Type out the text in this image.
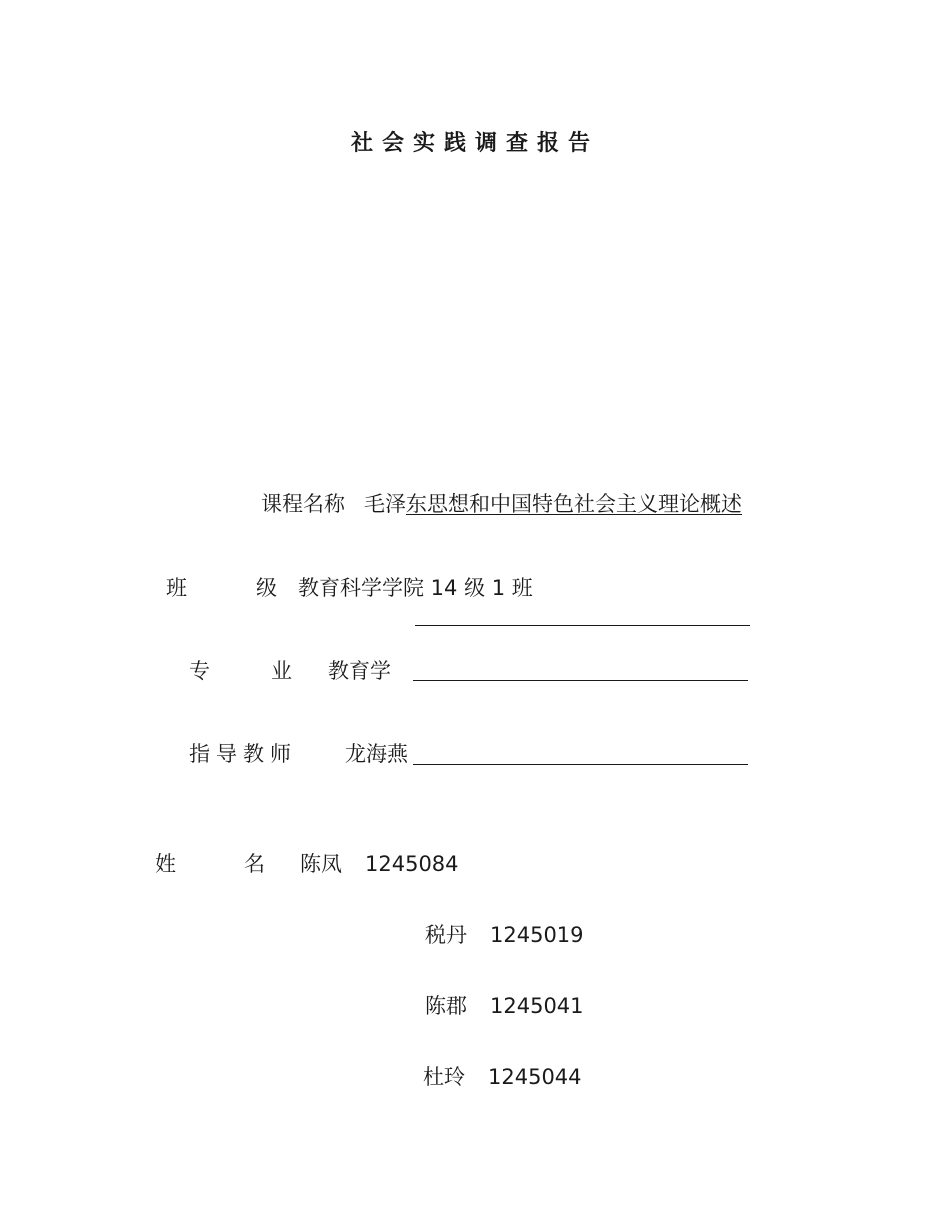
社会实践调查报告
课程名称 毛泽东思想和中国特色社会主义理论概述
班	级 教育科学学院 14 级 1 班
专	业 教育学
指导教师 龙海燕
姓	名 陈凤 1245084
税丹 1245019
陈郡 1245041
杜玲 1245044
